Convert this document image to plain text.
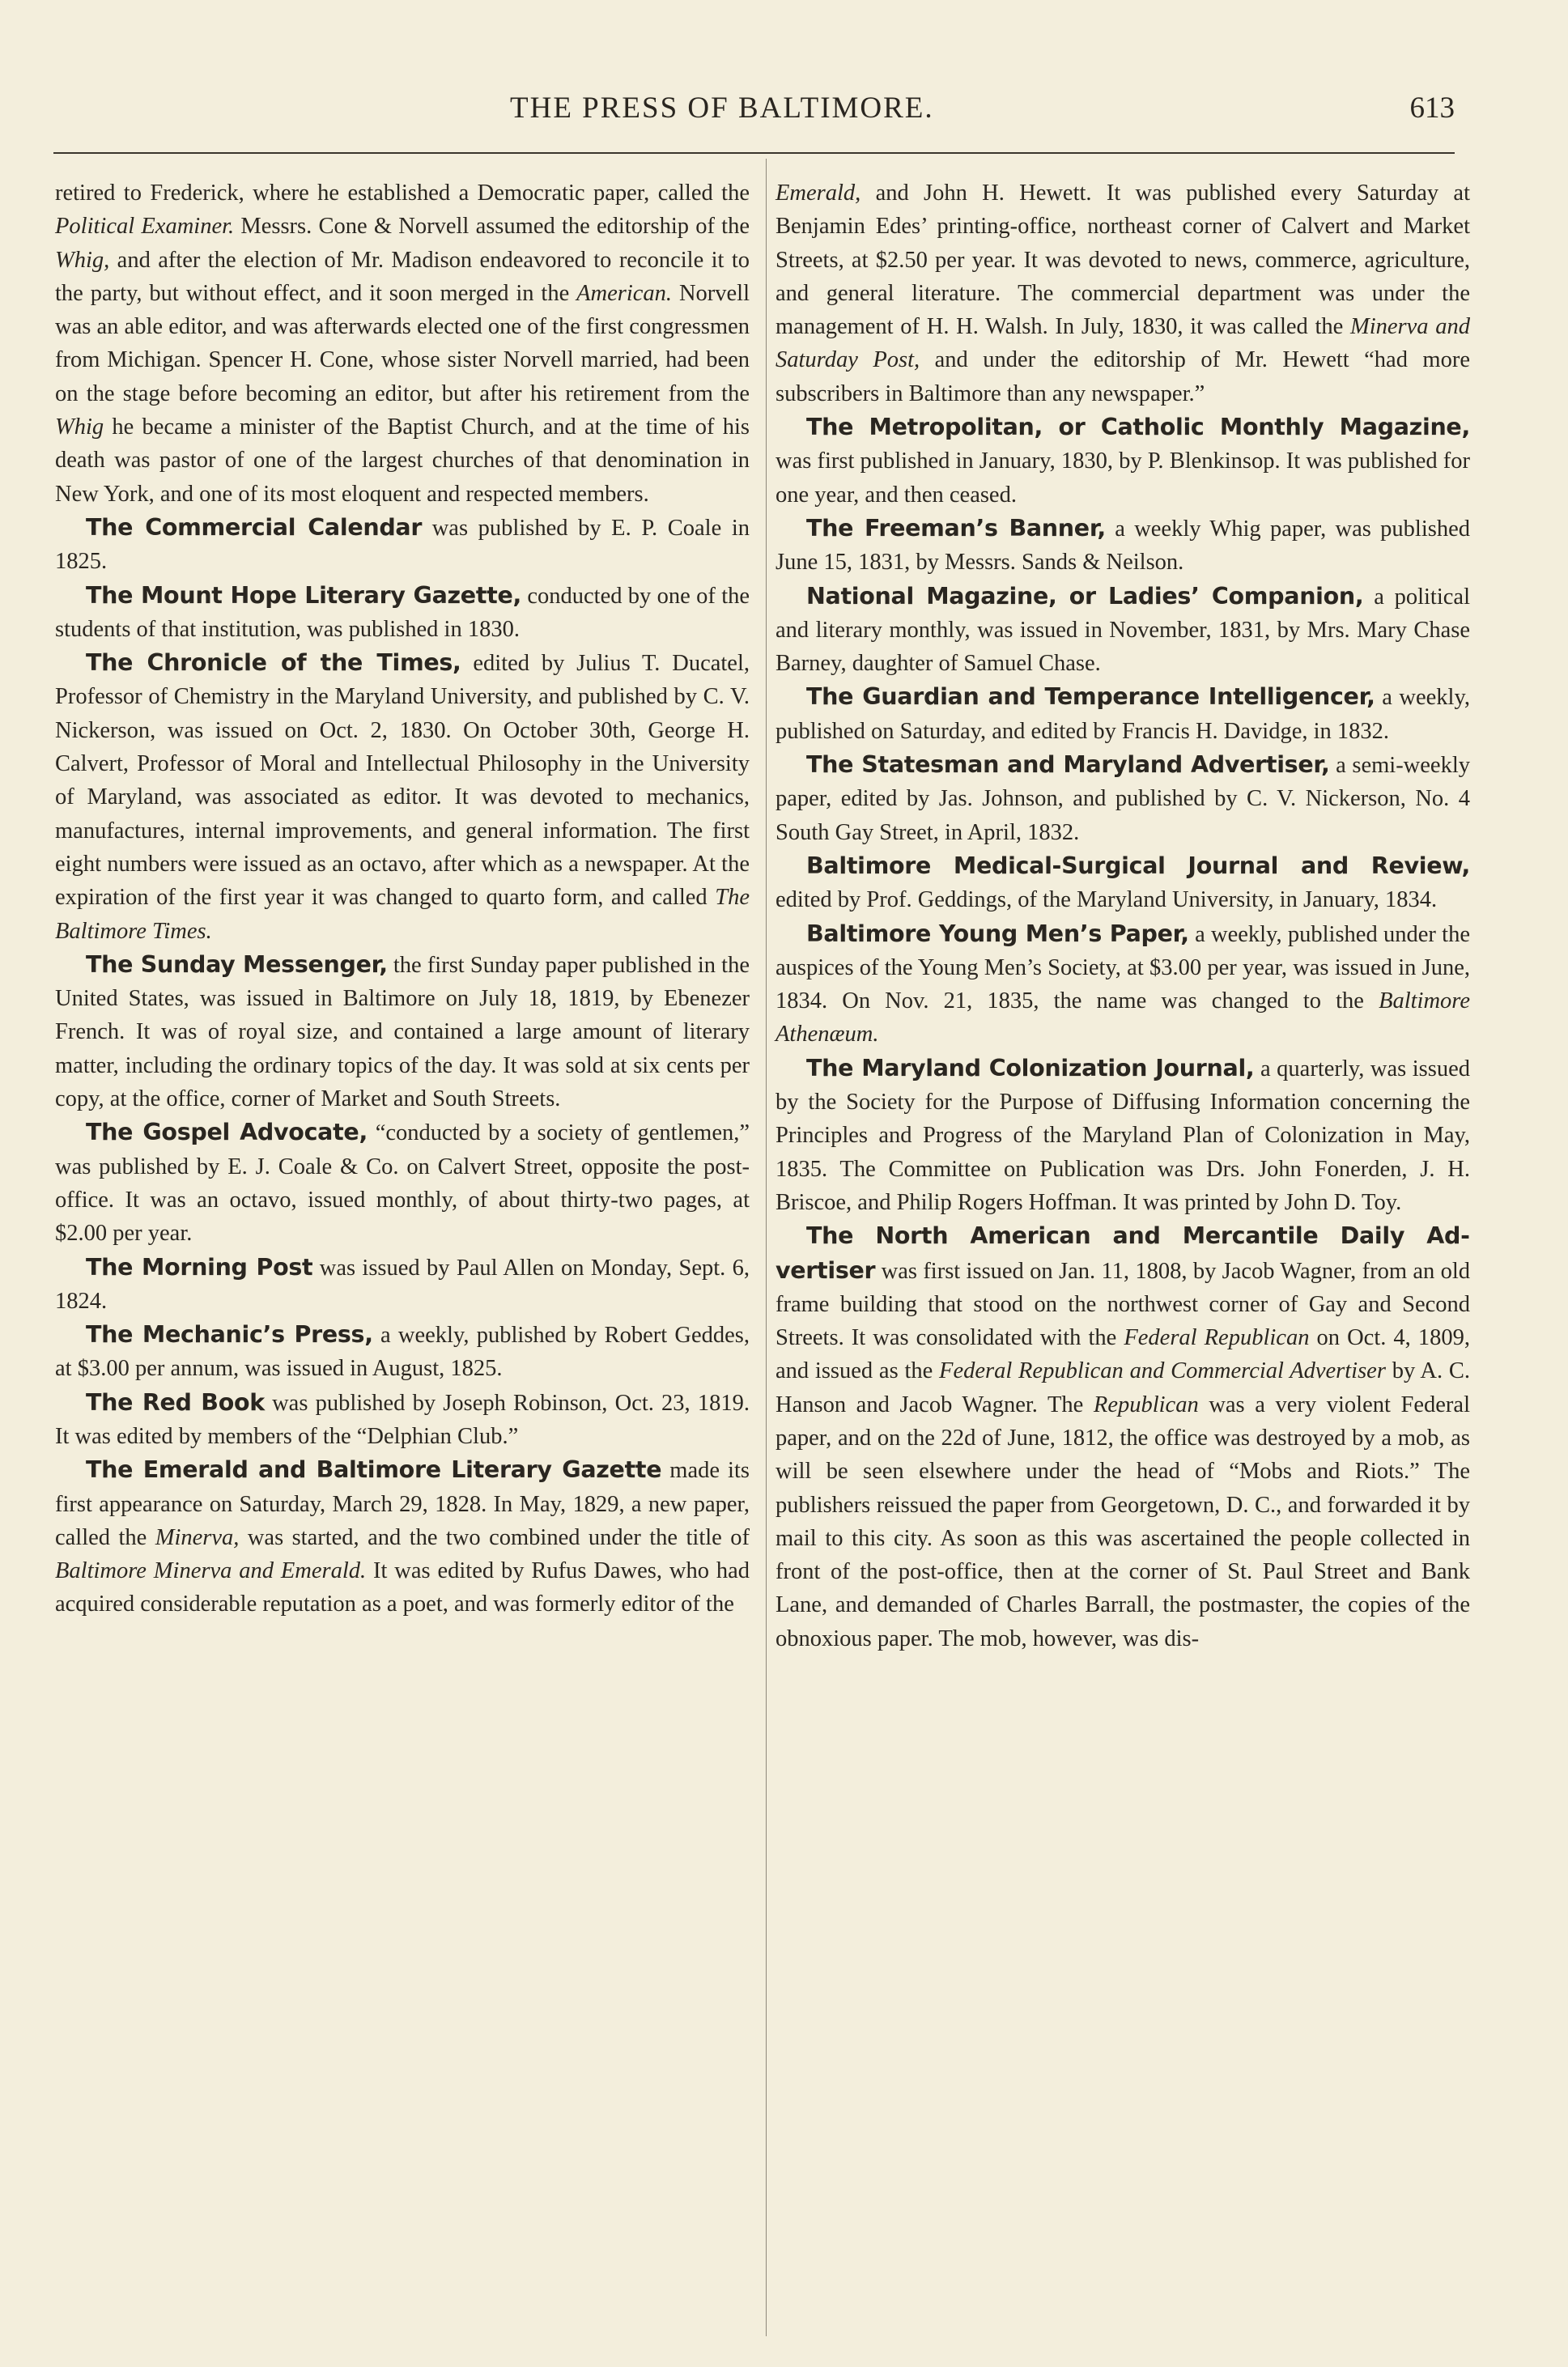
THE PRESS OF BALTIMORE.	613

retired to Frederick, where he established a Democratic paper, called the Political Examiner. Messrs. Cone & Norvell assumed the editorship of the Whig, and after the election of Mr. Madison endeavored to reconcile it to the party, but without effect, and it soon merged in the American. Norvell was an able editor, and was afterwards elected one of the first congressmen from Michigan. Spencer H. Cone, whose sister Norvell married, had been on the stage before becoming an editor, but after his retirement from the Whig he became a minister of the Baptist Church, and at the time of his death was pastor of one of the largest churches of that denomination in New York, and one of its most eloquent and respected members.

The Commercial Calendar was published by E. P. Coale in 1825.

The Mount Hope Literary Gazette, conducted by one of the students of that institution, was published in 1830.

The Chronicle of the Times, edited by Julius T. Ducatel, Professor of Chemistry in the Maryland University, and published by C. V. Nickerson, was issued on Oct. 2, 1830. On October 30th, George H. Calvert, Professor of Moral and Intellectual Philosophy in the University of Maryland, was associated as editor. It was devoted to mechanics, manufactures, internal improvements, and general information. The first eight numbers were issued as an octavo, after which as a newspaper. At the expiration of the first year it was changed to quarto form, and called The Baltimore Times.

The Sunday Messenger, the first Sunday paper published in the United States, was issued in Baltimore on July 18, 1819, by Ebenezer French. It was of royal size, and contained a large amount of literary matter, including the ordinary topics of the day. It was sold at six cents per copy, at the office, corner of Market and South Streets.

The Gospel Advocate, “conducted by a society of gentlemen,” was published by E. J. Coale & Co. on Calvert Street, opposite the post-office. It was an octavo, issued monthly, of about thirty-two pages, at $2.00 per year.

The Morning Post was issued by Paul Allen on Monday, Sept. 6, 1824.

The Mechanic’s Press, a weekly, published by Robert Geddes, at $3.00 per annum, was issued in August, 1825.

The Red Book was published by Joseph Robinson, Oct. 23, 1819. It was edited by members of the “Delphian Club.”

The Emerald and Baltimore Literary Gazette made its first appearance on Saturday, March 29, 1828. In May, 1829, a new paper, called the Minerva, was started, and the two combined under the title of Baltimore Minerva and Emerald. It was edited by Rufus Dawes, who had acquired considerable reputation as a poet, and was formerly editor of the

Emerald, and John H. Hewett. It was published every Saturday at Benjamin Edes’ printing-office, northeast corner of Calvert and Market Streets, at $2.50 per year. It was devoted to news, commerce, agriculture, and general literature. The commercial department was under the management of H. H. Walsh. In July, 1830, it was called the Minerva and Saturday Post, and under the editorship of Mr. Hewett “had more subscribers in Baltimore than any newspaper.”

The Metropolitan, or Catholic Monthly Magazine, was first published in January, 1830, by P. Blenkinsop. It was published for one year, and then ceased.

The Freeman’s Banner, a weekly Whig paper, was published June 15, 1831, by Messrs. Sands & Neilson.

National Magazine, or Ladies’ Companion, a political and literary monthly, was issued in November, 1831, by Mrs. Mary Chase Barney, daughter of Samuel Chase.

The Guardian and Temperance Intelligencer, a weekly, published on Saturday, and edited by Francis H. Davidge, in 1832.

The Statesman and Maryland Advertiser, a semi-weekly paper, edited by Jas. Johnson, and published by C. V. Nickerson, No. 4 South Gay Street, in April, 1832.

Baltimore Medical-Surgical Journal and Review, edited by Prof. Geddings, of the Maryland University, in January, 1834.

Baltimore Young Men’s Paper, a weekly, published under the auspices of the Young Men’s Society, at $3.00 per year, was issued in June, 1834. On Nov. 21, 1835, the name was changed to the Baltimore Athenæum.

The Maryland Colonization Journal, a quarterly, was issued by the Society for the Purpose of Diffusing Information concerning the Principles and Progress of the Maryland Plan of Colonization in May, 1835. The Committee on Publication was Drs. John Fonerden, J. H. Briscoe, and Philip Rogers Hoffman. It was printed by John D. Toy.

The North American and Mercantile Daily Advertiser was first issued on Jan. 11, 1808, by Jacob Wagner, from an old frame building that stood on the northwest corner of Gay and Second Streets. It was consolidated with the Federal Republican on Oct. 4, 1809, and issued as the Federal Republican and Commercial Advertiser by A. C. Hanson and Jacob Wagner. The Republican was a very violent Federal paper, and on the 22d of June, 1812, the office was destroyed by a mob, as will be seen elsewhere under the head of “Mobs and Riots.” The publishers reissued the paper from Georgetown, D. C., and forwarded it by mail to this city. As soon as this was ascertained the people collected in front of the post-office, then at the corner of St. Paul Street and Bank Lane, and demanded of Charles Barrall, the postmaster, the copies of the obnoxious paper. The mob, however, was dis-
